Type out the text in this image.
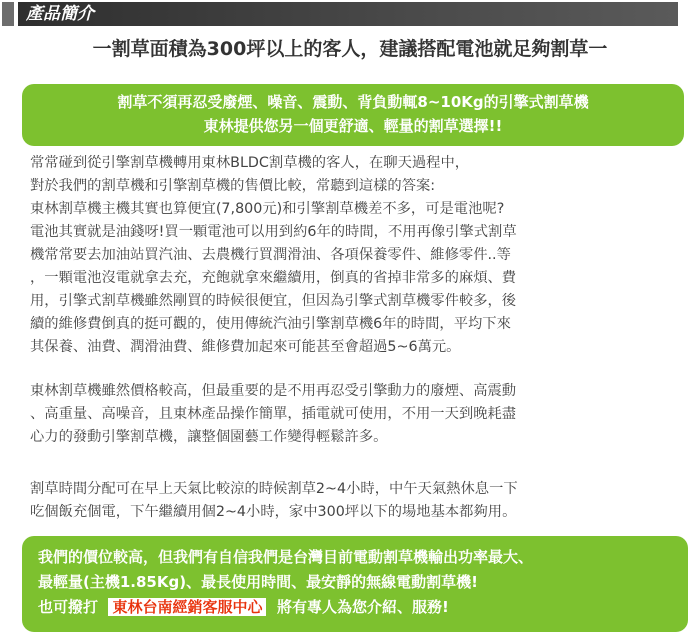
產品簡介
一割草面積為300坪以上的客人，建議搭配電池就足夠割草一
割草不須再忍受廢煙、噪音、震動、背負動輒8~10Kg的引擎式割草機
東林提供您另一個更舒適、輕量的割草選擇!!

常常碰到從引擎割草機轉用東林BLDC割草機的客人，在聊天過程中，

對於我們的割草機和引擎割草機的售價比較，常聽到這樣的答案:

東林割草機主機其實也算便宜(7,800元)和引擎割草機差不多，可是電池呢?

電池其實就是油錢呀!買一顆電池可以用到約6年的時間，不用再像引擎式割草

機常常要去加油站買汽油、去農機行買潤滑油、各項保養零件、維修零件..等

，一顆電池沒電就拿去充，充飽就拿來繼續用，倒真的省掉非常多的麻煩、費

用，引擎式割草機雖然剛買的時候很便宜，但因為引擎式割草機零件較多，後

續的維修費倒真的挺可觀的，使用傳統汽油引擎割草機6年的時間，平均下來

其保養、油費、潤滑油費、維修費加起來可能甚至會超過5~6萬元。

東林割草機雖然價格較高，但最重要的是不用再忍受引擎動力的廢煙、高震動

、高重量、高噪音，且東林產品操作簡單，插電就可使用，不用一天到晚耗盡

心力的發動引擎割草機，讓整個園藝工作變得輕鬆許多。

割草時間分配可在早上天氣比較涼的時候割草2~4小時，中午天氣熱休息一下

吃個飯充個電，下午繼續用個2~4小時，家中300坪以下的場地基本都夠用。

我們的價位較高，但我們有自信我們是台灣目前電動割草機輸出功率最大、

最輕量(主機1.85Kg)、最長使用時間、最安靜的無線電動割草機!

也可撥打 東林台南經銷客服中心 將有專人為您介紹、服務!
